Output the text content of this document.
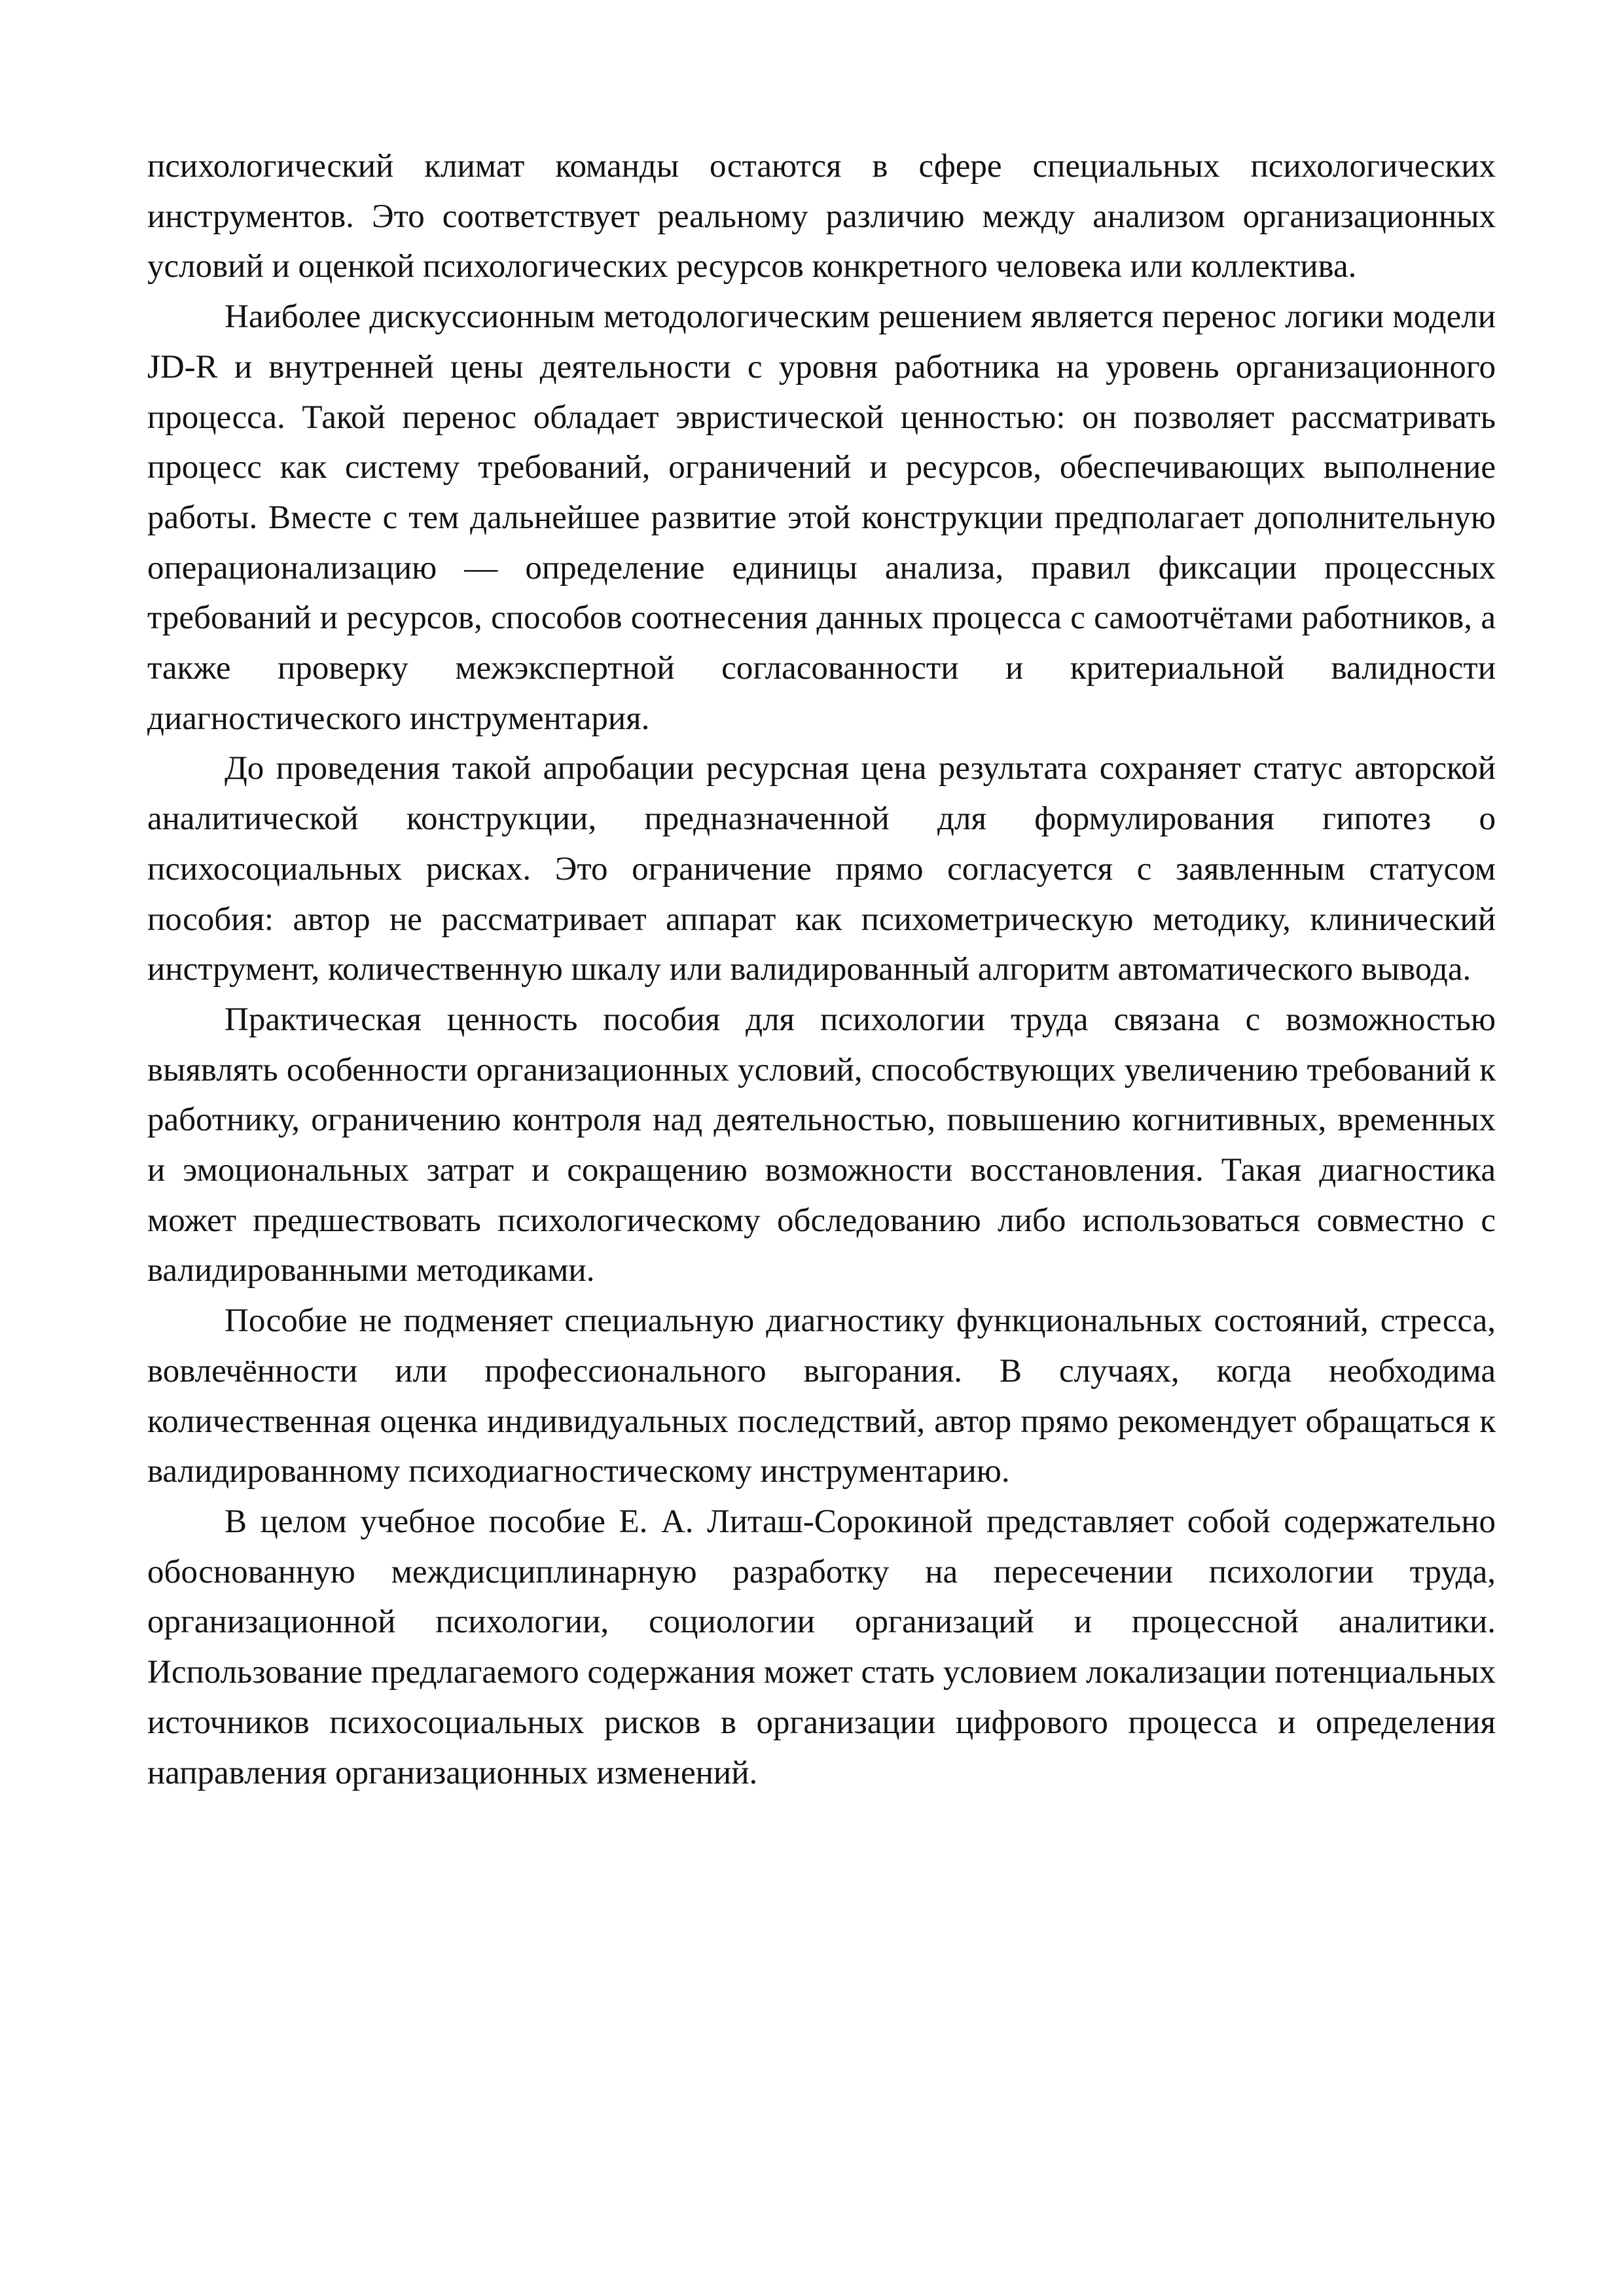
психологический климат команды остаются в сфере специальных психологических инструментов. Это соответствует реальному различию между анализом организационных условий и оценкой психологических ресурсов конкретного человека или коллектива.

Наиболее дискуссионным методологическим решением является перенос логики модели JD-R и внутренней цены деятельности с уровня работника на уровень организационного процесса. Такой перенос обладает эвристической ценностью: он позволяет рассматривать процесс как систему требований, ограничений и ресурсов, обеспечивающих выполнение работы. Вместе с тем дальнейшее развитие этой конструкции предполагает дополнительную операционализацию — определение единицы анализа, правил фиксации процессных требований и ресурсов, способов соотнесения данных процесса с самоотчётами работников, а также проверку межэкспертной согласованности и критериальной валидности диагностического инструментария.

До проведения такой апробации ресурсная цена результата сохраняет статус авторской аналитической конструкции, предназначенной для формулирования гипотез о психосоциальных рисках. Это ограничение прямо согласуется с заявленным статусом пособия: автор не рассматривает аппарат как психометрическую методику, клинический инструмент, количественную шкалу или валидированный алгоритм автоматического вывода.

Практическая ценность пособия для психологии труда связана с возможностью выявлять особенности организационных условий, способствующих увеличению требований к работнику, ограничению контроля над деятельностью, повышению когнитивных, временных и эмоциональных затрат и сокращению возможности восстановления. Такая диагностика может предшествовать психологическому обследованию либо использоваться совместно с валидированными методиками.

Пособие не подменяет специальную диагностику функциональных состояний, стресса, вовлечённости или профессионального выгорания. В случаях, когда необходима количественная оценка индивидуальных последствий, автор прямо рекомендует обращаться к валидированному психодиагностическому инструментарию.

В целом учебное пособие Е. А. Литаш-Сорокиной представляет собой содержательно обоснованную междисциплинарную разработку на пересечении психологии труда, организационной психологии, социологии организаций и процессной аналитики. Использование предлагаемого содержания может стать условием локализации потенциальных источников психосоциальных рисков в организации цифрового процесса и определения направления организационных изменений.
